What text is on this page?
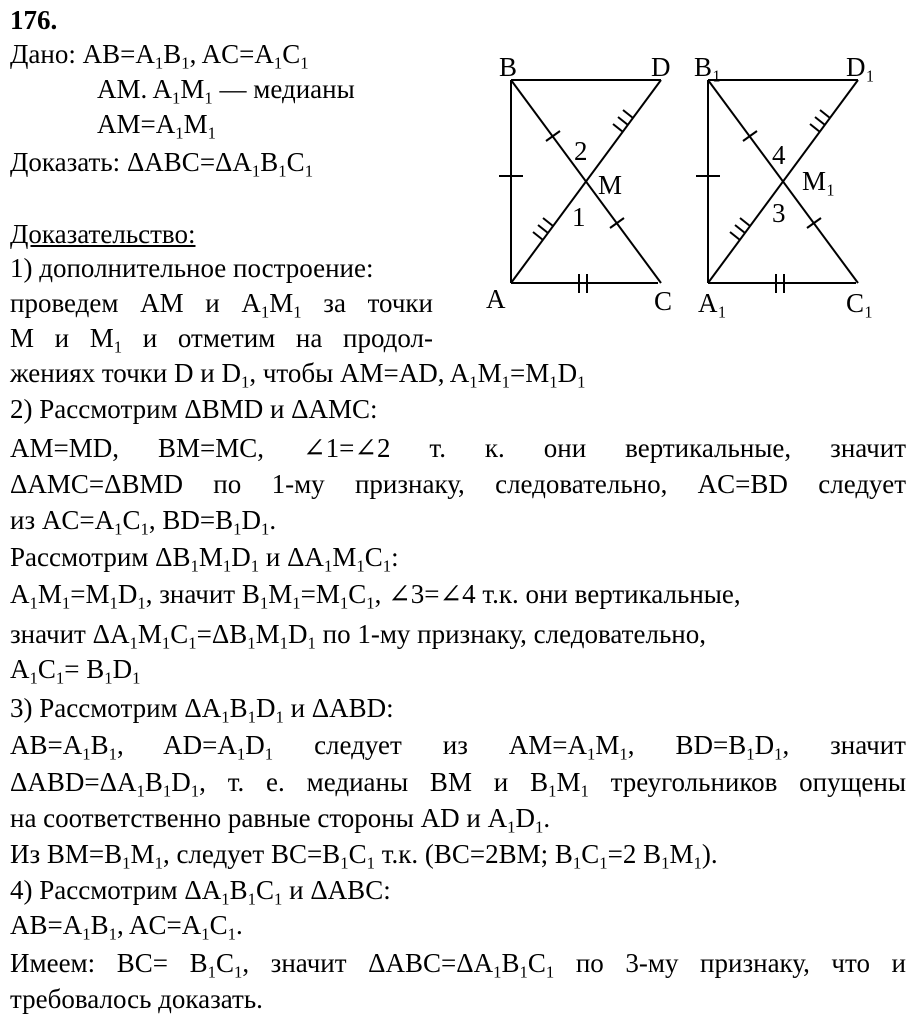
176.
Дано: $AB=A_1B_1$, $AC=A_1C_1$
AM. $A_1M_1$ — медианы
$AM=A_1M_1$
Доказать: $\Delta ABC=\Delta A_1B_1C_1$
Доказательство:
1) дополнительное построение:
проведем AM и $A_1M_1$ за точки
M и $M_1$ и отметим на продол-
жениях точки D и $D_1$, чтобы AM=AD, $A_1M_1=M_1D_1$
2) Рассмотрим ΔBMD и ΔAMC:
AM=MD, BM=MC, ∠1=∠2 т. к. они вертикальные, значит
ΔAMC=ΔBMD по 1-му признаку, следовательно, AC=BD следует
из $AC=A_1C_1$, $BD=B_1D_1$.
Рассмотрим $\Delta B_1M_1D_1$ и $\Delta A_1M_1C_1$:
$A_1M_1=M_1D_1$, значит $B_1M_1=M_1C_1$, ∠3=∠4 т.к. они вертикальные,
значит $\Delta A_1M_1C_1=\Delta B_1M_1D_1$ по 1-му признаку, следовательно,
$A_1C_1= B_1D_1$
3) Рассмотрим $\Delta A_1B_1D_1$ и ΔABD:
$AB=A_1B_1$, $AD=A_1D_1$ следует из $AM=A_1M_1$, $BD=B_1D_1$, значит
$\Delta ABD=\Delta A_1B_1D_1$, т. е. медианы BM и $B_1M_1$ треугольников опущены
на соответственно равные стороны AD и $A_1D_1$.
Из $BM=B_1M_1$, следует $BC=B_1C_1$ т.к. (BC=2BM; $B_1C_1=2$ $B_1M_1$).
4) Рассмотрим $\Delta A_1B_1C_1$ и ΔABC:
$AB=A_1B_1$, $AC=A_1C_1$.
Имеем: $BC= B_1C_1$, значит $\Delta ABC=\Delta A_1B_1C_1$ по 3-му признаку, что и
требовалось доказать.
B	D
A	C
M
2
1
B₁	D₁
A₁	C₁
M₁
4
3
